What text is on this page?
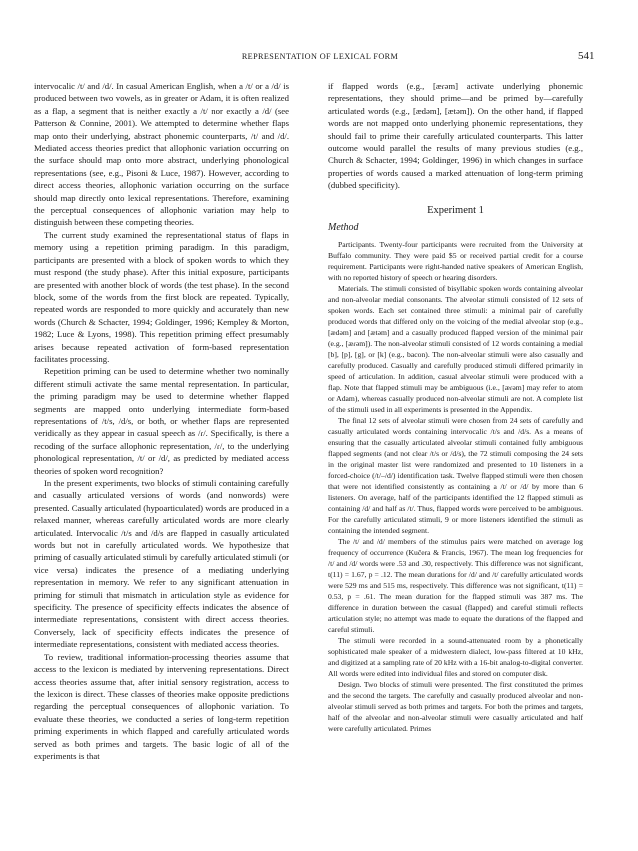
REPRESENTATION OF LEXICAL FORM	541

intervocalic /t/ and /d/. In casual American English, when a /t/ or a /d/ is produced between two vowels, as in greater or Adam, it is often realized as a flap, a segment that is neither exactly a /t/ nor exactly a /d/ (see Patterson & Connine, 2001). We attempted to determine whether flaps map onto their underlying, abstract phonemic counterparts, /t/ and /d/. Mediated access theories predict that allophonic variation occurring on the surface should map onto more abstract, underlying phonological representations (see, e.g., Pisoni & Luce, 1987). However, according to direct access theories, allophonic variation occurring on the surface should map directly onto lexical representations. Therefore, examining the perceptual consequences of allophonic variation may help to distinguish between these competing theories.

The current study examined the representational status of flaps in memory using a repetition priming paradigm. In this paradigm, participants are presented with a block of spoken words to which they must respond (the study phase). After this initial exposure, participants are presented with another block of words (the test phase). In the second block, some of the words from the first block are repeated. Typically, repeated words are responded to more quickly and accurately than new words (Church & Schacter, 1994; Goldinger, 1996; Kempley & Morton, 1982; Luce & Lyons, 1998). This repetition priming effect presumably arises because repeated activation of form-based representation facilitates processing.

Repetition priming can be used to determine whether two nominally different stimuli activate the same mental representation. In particular, the priming paradigm may be used to determine whether flapped segments are mapped onto underlying intermediate form-based representations of /t/s, /d/s, or both, or whether flaps are represented veridically as they appear in casual speech as /ɾ/. Specifically, is there a recoding of the surface allophonic representation, /ɾ/, to the underlying phonological representation, /t/ or /d/, as predicted by mediated access theories of spoken word recognition?

In the present experiments, two blocks of stimuli containing carefully and casually articulated versions of words (and nonwords) were presented. Casually articulated (hypoarticulated) words are produced in a relaxed manner, whereas carefully articulated words are more clearly articulated. Intervocalic /t/s and /d/s are flapped in casually articulated words but not in carefully articulated words. We hypothesize that priming of casually articulated stimuli by carefully articulated stimuli (or vice versa) indicates the presence of a mediating underlying representation in memory. We refer to any significant attenuation in priming for stimuli that mismatch in articulation style as evidence for specificity. The presence of specificity effects indicates the absence of intermediate representations, consistent with direct access theories. Conversely, lack of specificity effects indicates the presence of intermediate representations, consistent with mediated access theories.

To review, traditional information-processing theories assume that access to the lexicon is mediated by intervening representations. Direct access theories assume that, after initial sensory registration, access to the lexicon is direct. These classes of theories make opposite predictions regarding the perceptual consequences of allophonic variation. To evaluate these theories, we conducted a series of long-term repetition priming experiments in which flapped and carefully articulated words served as both primes and targets. The basic logic of all of the experiments is that

if flapped words (e.g., [æɾəm] activate underlying phonemic representations, they should prime—and be primed by—carefully articulated words (e.g., [ædəm], [ætəm]). On the other hand, if flapped words are not mapped onto underlying phonemic representations, they should fail to prime their carefully articulated counterparts. This latter outcome would parallel the results of many previous studies (e.g., Church & Schacter, 1994; Goldinger, 1996) in which changes in surface properties of words caused a marked attenuation of long-term priming (dubbed specificity).

Experiment 1
Method

Participants. Twenty-four participants were recruited from the University at Buffalo community. They were paid $5 or received partial credit for a course requirement. Participants were right-handed native speakers of American English, with no reported history of speech or hearing disorders.

Materials. The stimuli consisted of bisyllabic spoken words containing alveolar and non-alveolar medial consonants. The alveolar stimuli consisted of 12 sets of spoken words. Each set contained three stimuli: a minimal pair of carefully produced words that differed only on the voicing of the medial alveolar stop (e.g., [ædəm] and [ætəm] and a casually produced flapped version of the minimal pair (e.g., [æɾəm]). The non-alveolar stimuli consisted of 12 words containing a medial [b], [p], [g], or [k] (e.g., bacon). The non-alveolar stimuli were also casually and carefully produced. Casually and carefully produced stimuli differed primarily in speed of articulation. In addition, casual alveolar stimuli were produced with a flap. Note that flapped stimuli may be ambiguous (i.e., [æɾəm] may refer to atom or Adam), whereas casually produced non-alveolar stimuli are not. A complete list of the stimuli used in all experiments is presented in the Appendix.

The final 12 sets of alveolar stimuli were chosen from 24 sets of carefully and casually articulated words containing intervocalic /t/s and /d/s. As a means of ensuring that the casually articulated alveolar stimuli contained fully ambiguous flapped segments (and not clear /t/s or /d/s), the 72 stimuli composing the 24 sets in the original master list were randomized and presented to 10 listeners in a forced-choice (/t/–/d/) identification task. Twelve flapped stimuli were then chosen that were not identified consistently as containing a /t/ or /d/ by more than 6 listeners. On average, half of the participants identified the 12 flapped stimuli as containing /d/ and half as /t/. Thus, flapped words were perceived to be ambiguous. For the carefully articulated stimuli, 9 or more listeners identified the stimuli as containing the intended segment.

The /t/ and /d/ members of the stimulus pairs were matched on average log frequency of occurrence (Kučera & Francis, 1967). The mean log frequencies for /t/ and /d/ words were .53 and .30, respectively. This difference was not significant, t(11) = 1.67, p = .12. The mean durations for /d/ and /t/ carefully articulated words were 529 ms and 515 ms, respectively. This difference was not significant, t(11) = 0.53, p = .61. The mean duration for the flapped stimuli was 387 ms. The difference in duration between the casual (flapped) and careful stimuli reflects articulation style; no attempt was made to equate the durations of the flapped and careful stimuli.

The stimuli were recorded in a sound-attenuated room by a phonetically sophisticated male speaker of a midwestern dialect, low-pass filtered at 10 kHz, and digitized at a sampling rate of 20 kHz with a 16-bit analog-to-digital converter. All words were edited into individual files and stored on computer disk.

Design. Two blocks of stimuli were presented. The first constituted the primes and the second the targets. The carefully and casually produced alveolar and non-alveolar stimuli served as both primes and targets. For both the primes and targets, half of the alveolar and non-alveolar stimuli were casually articulated and half were carefully articulated. Primes
